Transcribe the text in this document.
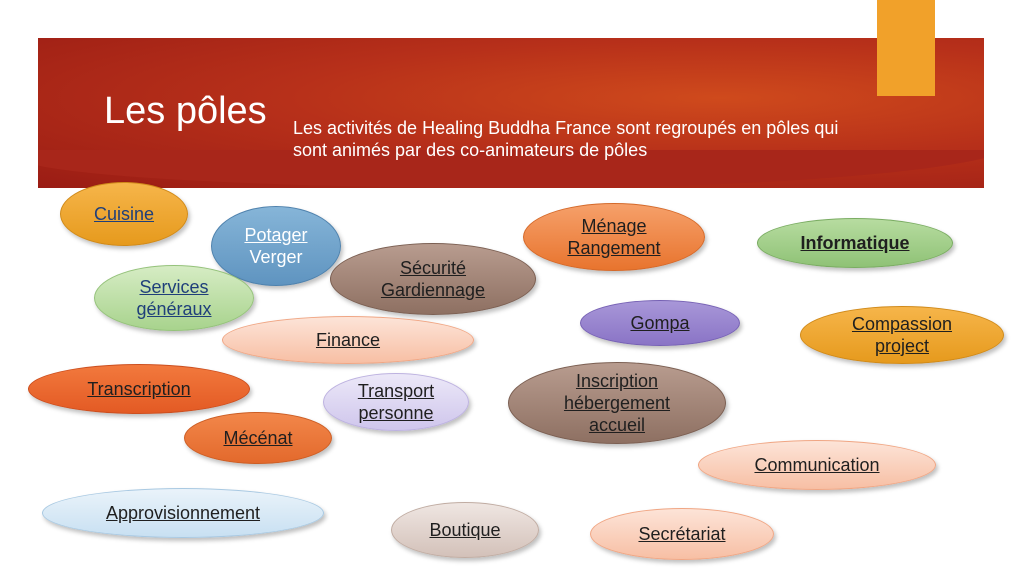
Les pôles Les activités de Healing Buddha France sont regroupés en pôles qui sont animés par des co-animateurs de pôles
Cuisine
Potager
Verger
Sécurité
Gardiennage
Ménage
Rangement	Informatique
Services
généraux
Gompa	Compassion
project
Finance
Transcription	Transport
personne
Inscription
hébergement
accueil
Mécénat
Communication
Approvisionnement
Boutique	Secrétariat
